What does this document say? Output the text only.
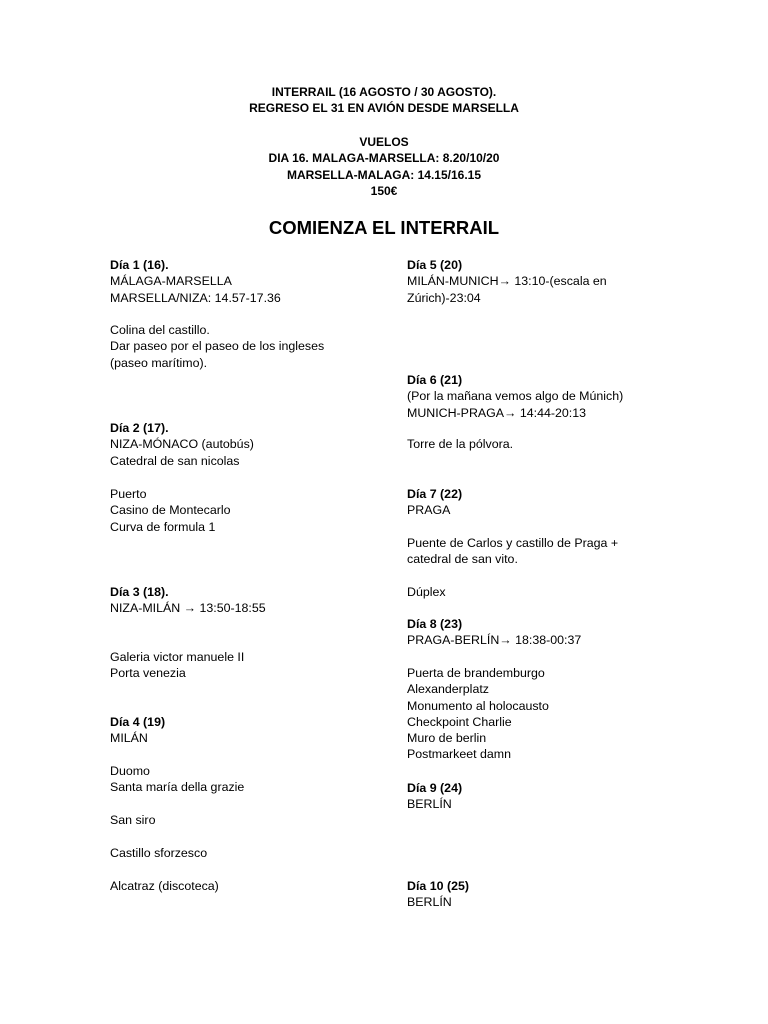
INTERRAIL (16 AGOSTO / 30 AGOSTO).
REGRESO EL 31 EN AVIÓN DESDE MARSELLA
VUELOS
DIA 16. MALAGA-MARSELLA: 8.20/10/20
MARSELLA-MALAGA: 14.15/16.15
150€
COMIENZA EL INTERRAIL
Día 1 (16).
MÁLAGA-MARSELLA
MARSELLA/NIZA: 14.57-17.36
Colina del castillo.
Dar paseo por el paseo de los ingleses
(paseo marítimo).
Día 2 (17).
NIZA-MÓNACO (autobús)
Catedral de san nicolas
Puerto
Casino de Montecarlo
Curva de formula 1
Día 3 (18).
NIZA-MILÁN → 13:50-18:55
Galeria victor manuele II
Porta venezia
Día 4 (19)
MILÁN
Duomo
Santa maría della grazie
San siro
Castillo sforzesco
Alcatraz (discoteca)
Día 5 (20)
MILÁN-MUNICH→ 13:10-(escala en
Zúrich)-23:04
Día 6 (21)
(Por la mañana vemos algo de Múnich)
MUNICH-PRAGA→ 14:44-20:13
Torre de la pólvora.
Día 7 (22)
PRAGA
Puente de Carlos y castillo de Praga +
catedral de san vito.
Dúplex
Día 8 (23)
PRAGA-BERLÍN→ 18:38-00:37
Puerta de brandemburgo
Alexanderplatz
Monumento al holocausto
Checkpoint Charlie
Muro de berlin
Postmarkeet damn
Día 9 (24)
BERLÍN
Día 10 (25)
BERLÍN
